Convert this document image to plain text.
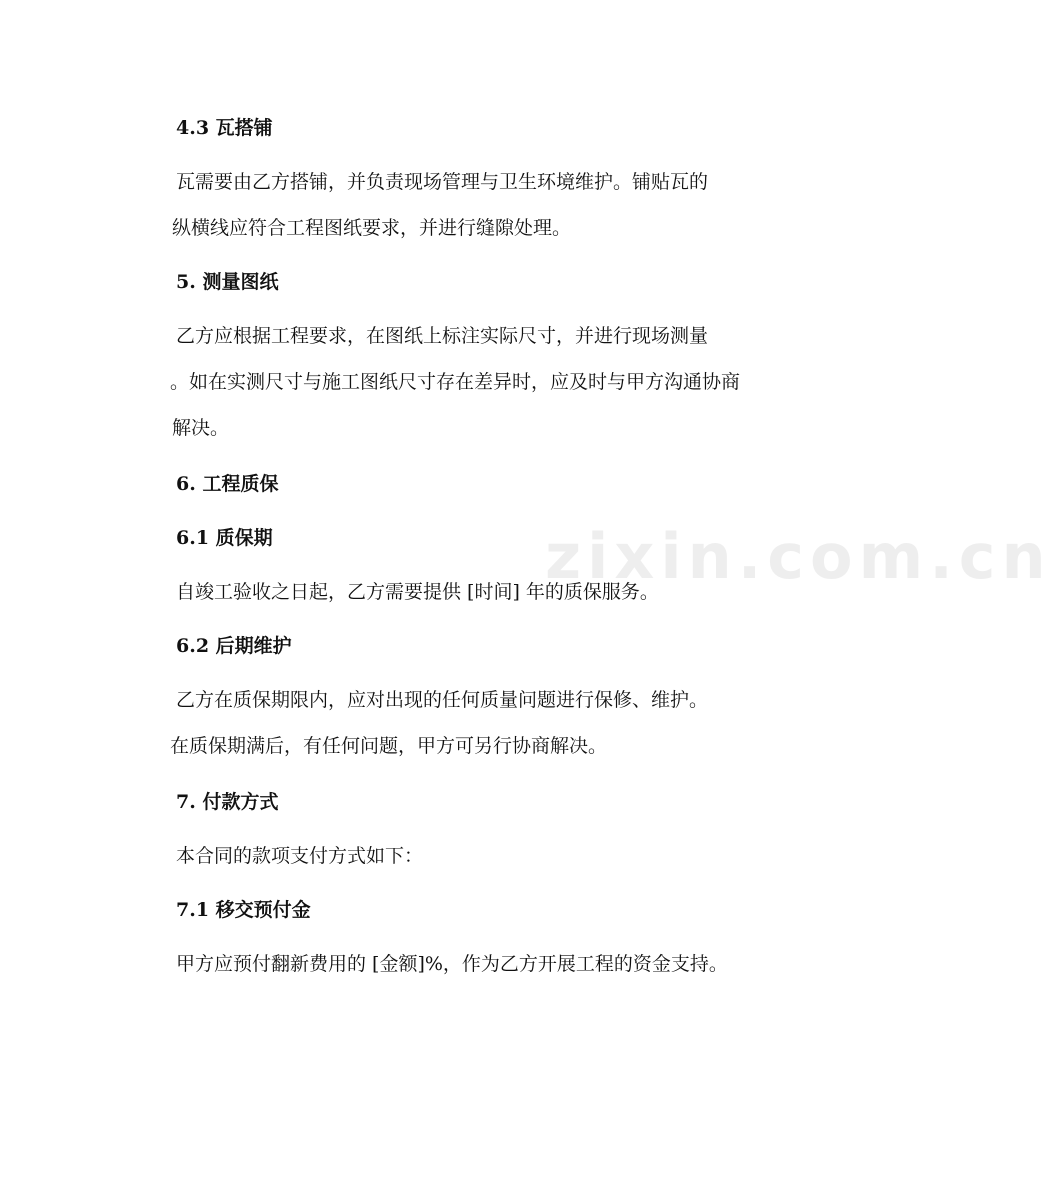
zixin.com.cn
4.3 瓦搭铺
瓦需要由乙方搭铺，并负责现场管理与卫生环境维护。铺贴瓦的
纵横线应符合工程图纸要求，并进行缝隙处理。
5. 测量图纸
乙方应根据工程要求，在图纸上标注实际尺寸，并进行现场测量
。如在实测尺寸与施工图纸尺寸存在差异时，应及时与甲方沟通协商
解决。
6. 工程质保
6.1 质保期
自竣工验收之日起，乙方需要提供 [时间] 年的质保服务。
6.2 后期维护
乙方在质保期限内，应对出现的任何质量问题进行保修、维护。
在质保期满后，有任何问题，甲方可另行协商解决。
7. 付款方式
本合同的款项支付方式如下：
7.1 移交预付金
甲方应预付翻新费用的 [金额]%，作为乙方开展工程的资金支持。
